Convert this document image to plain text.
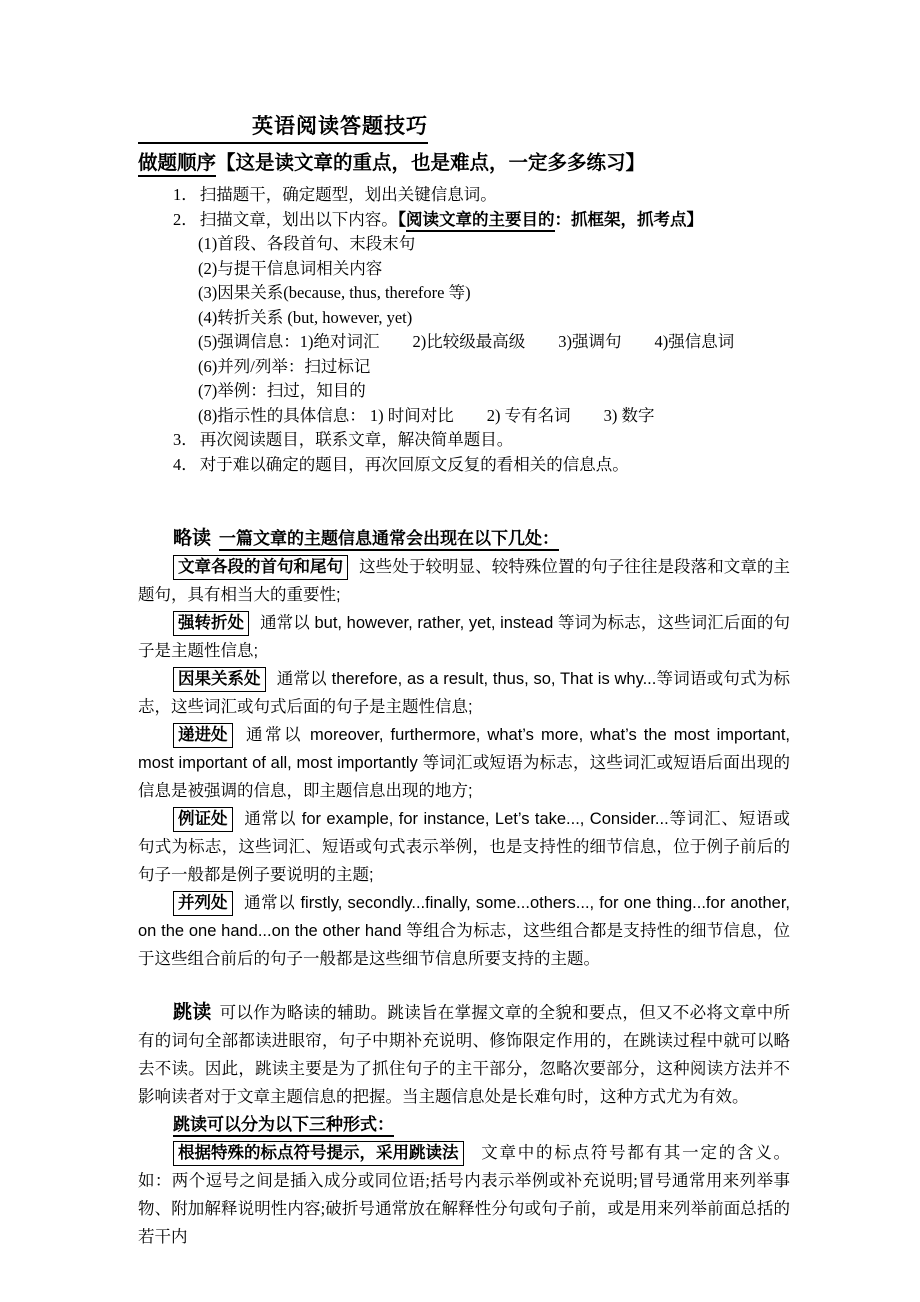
英语阅读答题技巧
做题顺序【这是读文章的重点，也是难点，一定多多练习】
1． 扫描题干，确定题型，划出关键信息词。
2． 扫描文章，划出以下内容。【阅读文章的主要目的：抓框架，抓考点】
(1)首段、各段首句、末段末句
(2)与提干信息词相关内容
(3)因果关系(because, thus, therefore 等)
(4)转折关系 (but, however, yet)
(5)强调信息：1)绝对词汇　　2)比较级最高级　　3)强调句　　4)强信息词
(6)并列/列举：扫过标记
(7)举例：扫过，知目的
(8)指示性的具体信息： 1) 时间对比　　2) 专有名词　　3) 数字
3． 再次阅读题目，联系文章，解决简单题目。
4． 对于难以确定的题目，再次回原文反复的看相关的信息点。
略读 一篇文章的主题信息通常会出现在以下几处：

文章各段的首句和尾句 这些处于较明显、较特殊位置的句子往往是段落和文章的主题句，具有相当大的重要性;

强转折处 通常以 but, however, rather, yet, instead 等词为标志，这些词汇后面的句子是主题性信息;

因果关系处 通常以 therefore, as a result, thus, so, That is why...等词语或句式为标志，这些词汇或句式后面的句子是主题性信息;

递进处 通常以 moreover, furthermore, what’s more, what’s the most important, most important of all, most importantly 等词汇或短语为标志，这些词汇或短语后面出现的信息是被强调的信息，即主题信息出现的地方;

例证处 通常以 for example, for instance, Let’s take..., Consider...等词汇、短语或句式为标志，这些词汇、短语或句式表示举例，也是支持性的细节信息，位于例子前后的句子一般都是例子要说明的主题;

并列处 通常以 firstly, secondly...finally, some...others..., for one thing...for another, on the one hand...on the other hand 等组合为标志，这些组合都是支持性的细节信息，位于这些组合前后的句子一般都是这些细节信息所要支持的主题。

跳读 可以作为略读的辅助。跳读旨在掌握文章的全貌和要点，但又不必将文章中所有的词句全部都读进眼帘，句子中期补充说明、修饰限定作用的，在跳读过程中就可以略去不读。因此，跳读主要是为了抓住句子的主干部分，忽略次要部分，这种阅读方法并不影响读者对于文章主题信息的把握。当主题信息处是长难句时，这种方式尤为有效。

跳读可以分为以下三种形式：

根据特殊的标点符号提示，采用跳读法 文章中的标点符号都有其一定的含义。如：两个逗号之间是插入成分或同位语;括号内表示举例或补充说明;冒号通常用来列举事物、附加解释说明性内容;破折号通常放在解释性分句或句子前，或是用来列举前面总括的若干内
